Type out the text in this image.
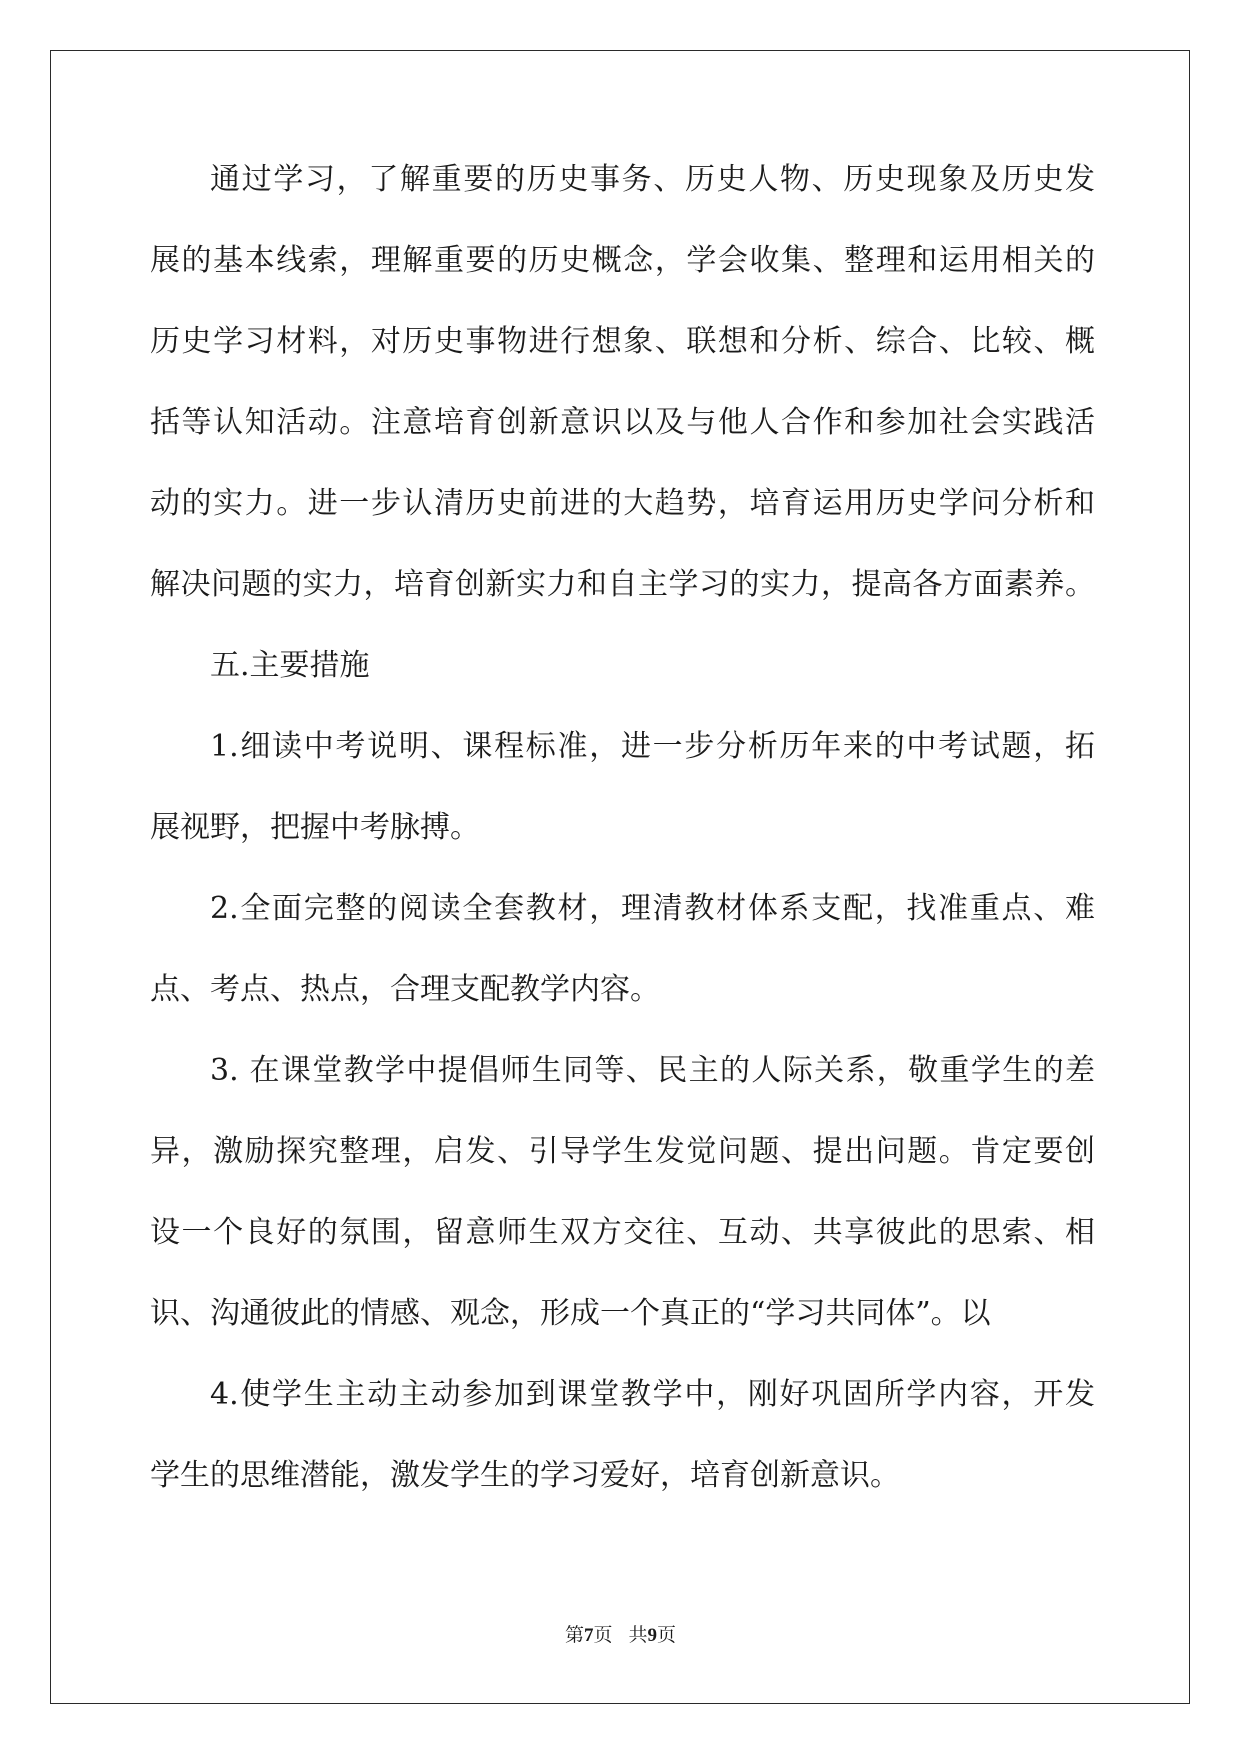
通过学习，了解重要的历史事务、历史人物、历史现象及历史发
展的基本线索，理解重要的历史概念，学会收集、整理和运用相关的
历史学习材料，对历史事物进行想象、联想和分析、综合、比较、概
括等认知活动。注意培育创新意识以及与他人合作和参加社会实践活
动的实力。进一步认清历史前进的大趋势，培育运用历史学问分析和
解决问题的实力，培育创新实力和自主学习的实力，提高各方面素养。
五.主要措施
1.细读中考说明、课程标准，进一步分析历年来的中考试题，拓
展视野，把握中考脉搏。
2.全面完整的阅读全套教材，理清教材体系支配，找准重点、难
点、考点、热点，合理支配教学内容。
3. 在课堂教学中提倡师生同等、民主的人际关系，敬重学生的差
异，激励探究整理，启发、引导学生发觉问题、提出问题。肯定要创
设一个良好的氛围，留意师生双方交往、互动、共享彼此的思索、相
识、沟通彼此的情感、观念，形成一个真正的“学习共同体”。以
4.使学生主动主动参加到课堂教学中，刚好巩固所学内容，开发
学生的思维潜能，激发学生的学习爱好，培育创新意识。
第7页 共9页
